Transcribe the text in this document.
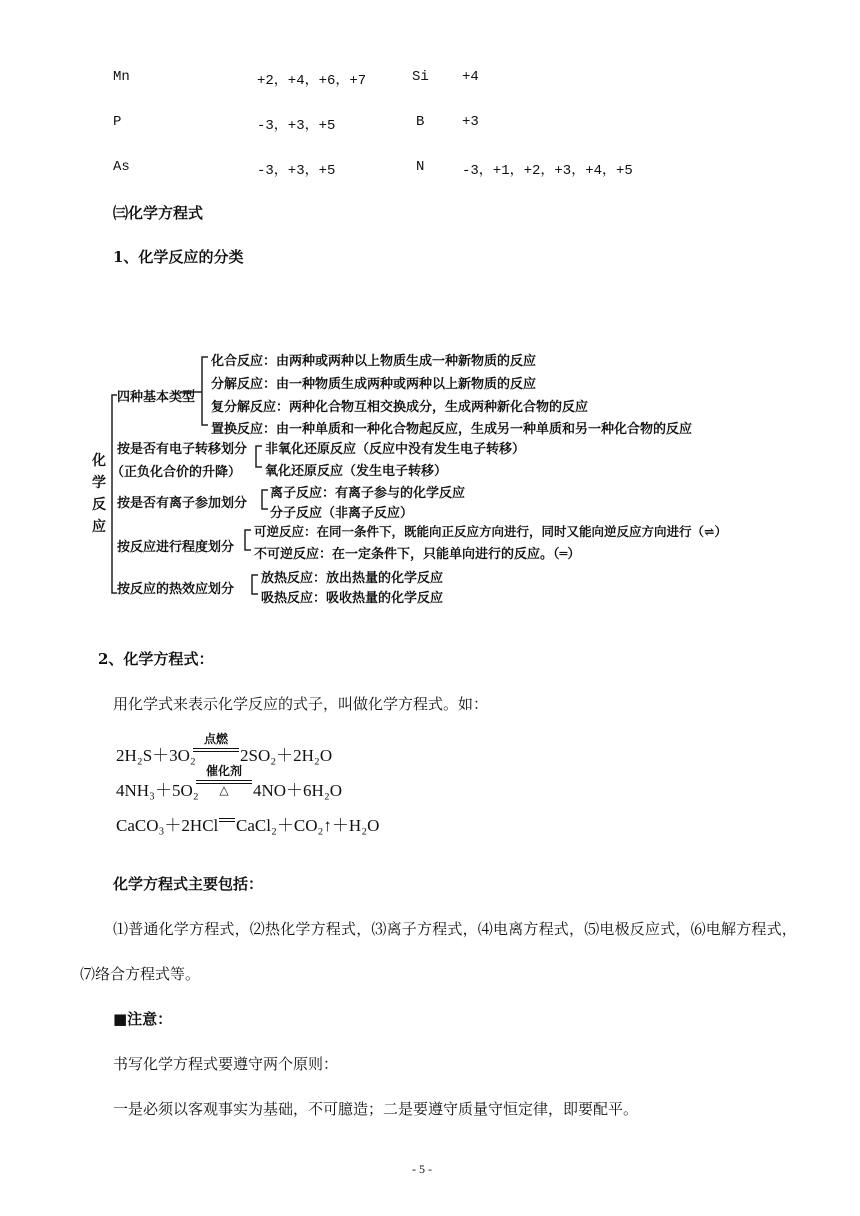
Mn	+2，+4，+6，+7	Si +4
P	-3，+3，+5	B	+3
As	-3，+3，+5	N	-3，+1，+2，+3，+4，+5
㈢化学方程式
1、化学反应的分类
化学反应
四种基本类型
化合反应：由两种或两种以上物质生成一种新物质的反应
分解反应：由一种物质生成两种或两种以上新物质的反应
复分解反应：两种化合物互相交换成分，生成两种新化合物的反应
置换反应：由一种单质和一种化合物起反应，生成另一种单质和另一种化合物的反应
按是否有电子转移划分
（正负化合价的升降）
非氧化还原反应（反应中没有发生电子转移）
氧化还原反应（发生电子转移）
按是否有离子参加划分
离子反应：有离子参与的化学反应
分子反应（非离子反应）
按反应进行程度划分
可逆反应：在同一条件下，既能向正反应方向进行，同时又能向逆反应方向进行（⇌）
不可逆反应：在一定条件下，只能单向进行的反应。（═）
按反应的热效应划分
放热反应：放出热量的化学反应
吸热反应：吸收热量的化学反应
2、化学方程式：
用化学式来表示化学反应的式子，叫做化学方程式。如：
2H₂S＋3O₂
点燃
2SO₂＋2H₂O
4NH₃＋5O₂
催化剂
△	4NO＋6H₂O
CaCO₃＋2HCl CaCl₂＋CO₂↑＋H₂O
化学方程式主要包括：
⑴普通化学方程式，⑵热化学方程式，⑶离子方程式，⑷电离方程式，⑸电极反应式，⑹电解方程式，
⑺络合方程式等。
■注意：
书写化学方程式要遵守两个原则：
一是必须以客观事实为基础，不可臆造；二是要遵守质量守恒定律，即要配平。
- 5 -
